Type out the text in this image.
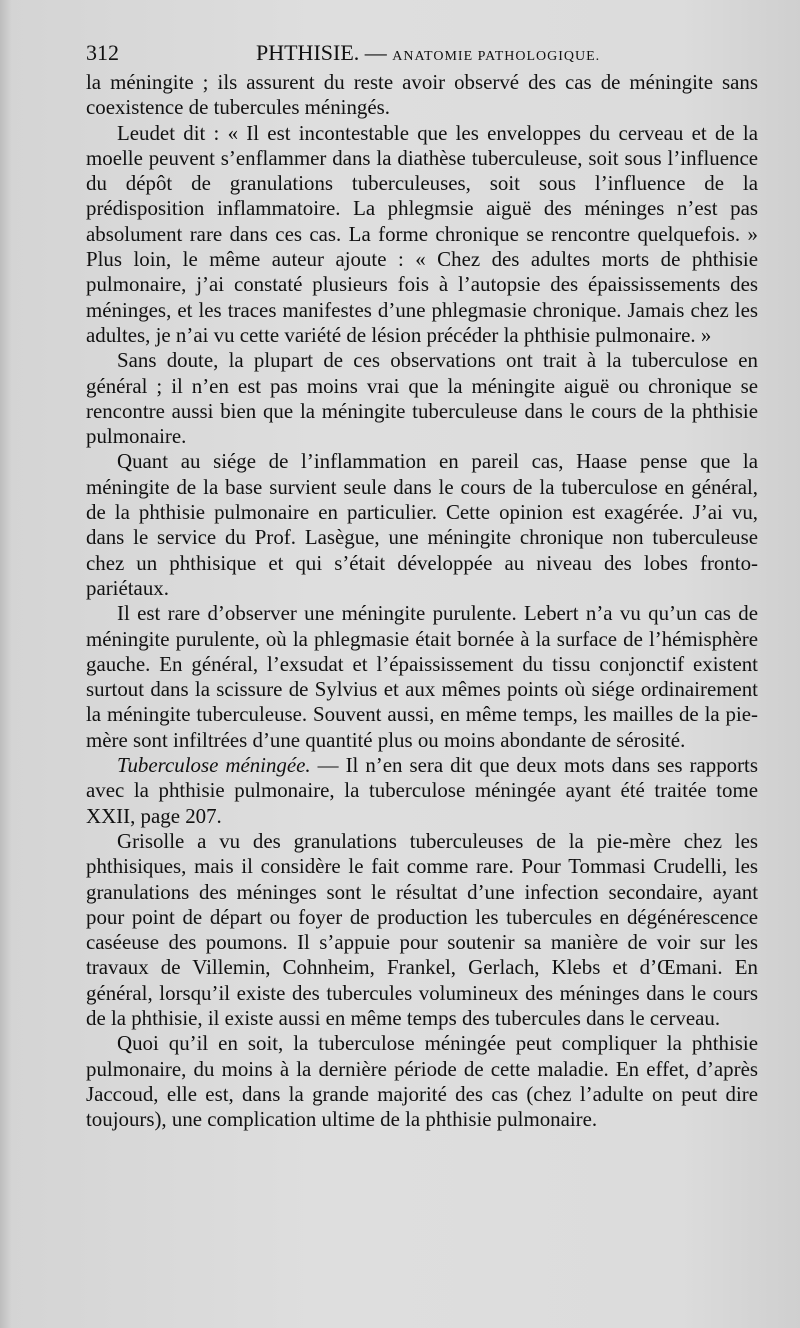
312	PHTHISIE. — ANATOMIE PATHOLOGIQUE.

la méningite ; ils assurent du reste avoir observé des cas de méningite sans coexistence de tubercules méningés.

Leudet dit : « Il est incontestable que les enveloppes du cerveau et de la moelle peuvent s’enflammer dans la diathèse tuberculeuse, soit sous l’influence du dépôt de granulations tuberculeuses, soit sous l’influence de la prédisposition inflammatoire. La phlegmsie aiguë des méninges n’est pas absolument rare dans ces cas. La forme chronique se rencontre quelquefois. » Plus loin, le même auteur ajoute : « Chez des adultes morts de phthisie pulmonaire, j’ai constaté plusieurs fois à l’autopsie des épaississements des méninges, et les traces manifestes d’une phlegmasie chronique. Jamais chez les adultes, je n’ai vu cette variété de lésion précéder la phthisie pulmonaire. »

Sans doute, la plupart de ces observations ont trait à la tuberculose en général ; il n’en est pas moins vrai que la méningite aiguë ou chronique se rencontre aussi bien que la méningite tuberculeuse dans le cours de la phthisie pulmonaire.

Quant au siége de l’inflammation en pareil cas, Haase pense que la méningite de la base survient seule dans le cours de la tuberculose en général, de la phthisie pulmonaire en particulier. Cette opinion est exagérée. J’ai vu, dans le service du Prof. Lasègue, une méningite chronique non tuberculeuse chez un phthisique et qui s’était développée au niveau des lobes fronto-pariétaux.

Il est rare d’observer une méningite purulente. Lebert n’a vu qu’un cas de méningite purulente, où la phlegmasie était bornée à la surface de l’hémisphère gauche. En général, l’exsudat et l’épaississement du tissu conjonctif existent surtout dans la scissure de Sylvius et aux mêmes points où siége ordinairement la méningite tuberculeuse. Souvent aussi, en même temps, les mailles de la pie-mère sont infiltrées d’une quantité plus ou moins abondante de sérosité.

Tuberculose méningée. — Il n’en sera dit que deux mots dans ses rapports avec la phthisie pulmonaire, la tuberculose méningée ayant été traitée tome XXII, page 207.

Grisolle a vu des granulations tuberculeuses de la pie-mère chez les phthisiques, mais il considère le fait comme rare. Pour Tommasi Crudelli, les granulations des méninges sont le résultat d’une infection secondaire, ayant pour point de départ ou foyer de production les tubercules en dégénérescence caséeuse des poumons. Il s’appuie pour soutenir sa manière de voir sur les travaux de Villemin, Cohnheim, Frankel, Gerlach, Klebs et d’Œmani. En général, lorsqu’il existe des tubercules volumineux des méninges dans le cours de la phthisie, il existe aussi en même temps des tubercules dans le cerveau.

Quoi qu’il en soit, la tuberculose méningée peut compliquer la phthisie pulmonaire, du moins à la dernière période de cette maladie. En effet, d’après Jaccoud, elle est, dans la grande majorité des cas (chez l’adulte on peut dire toujours), une complication ultime de la phthisie pulmonaire.
